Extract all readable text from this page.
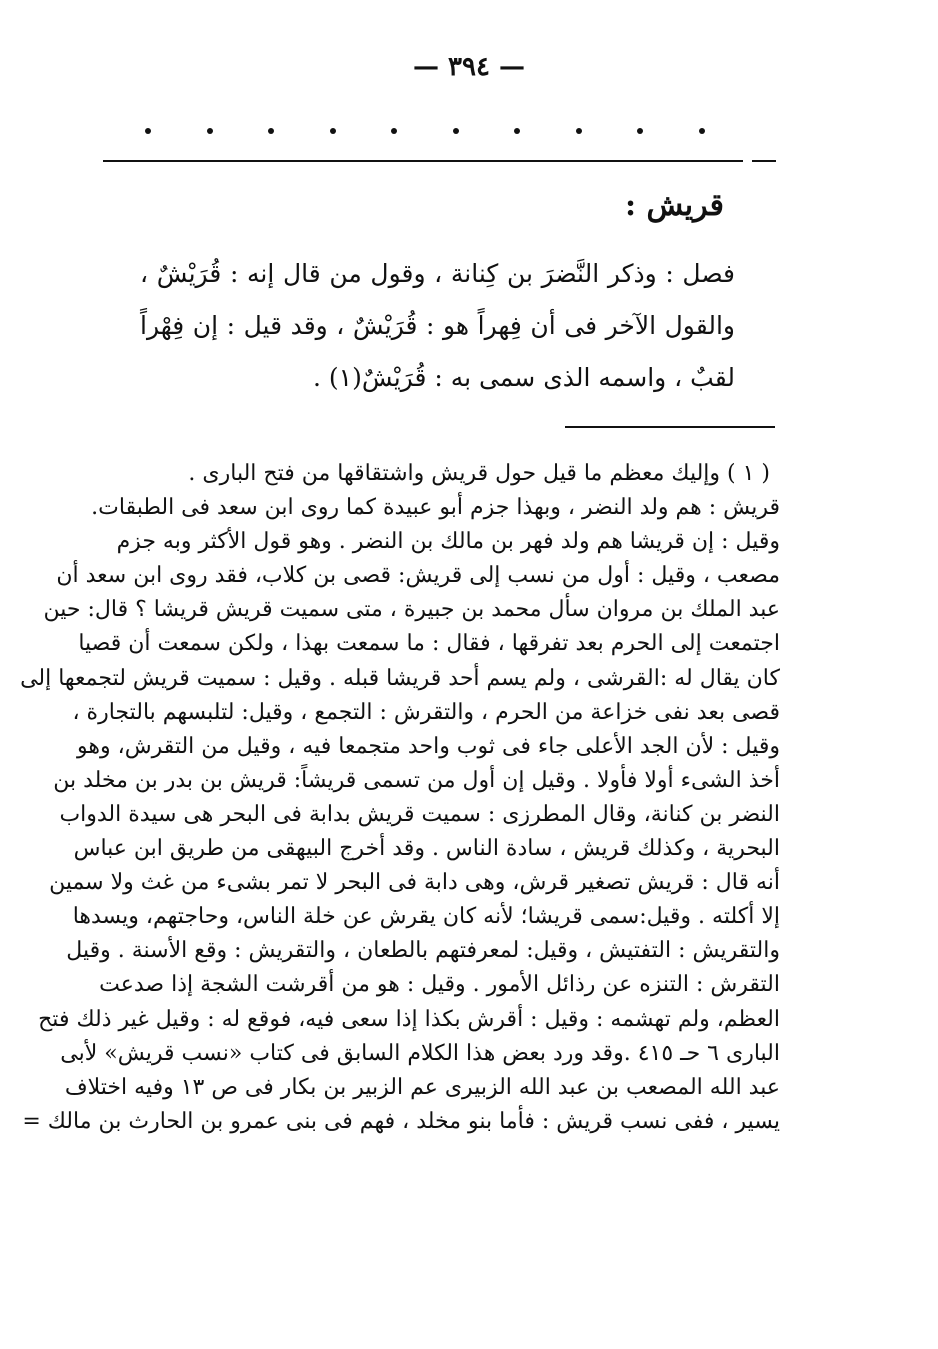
— ٣٩٤ —
قريش :

فصل : وذكر النَّضرَ بن كِنانة ، وقول من قال إنه : قُرَيْشٌ ، والقول الآخر فى أن فِهراً هو : قُرَيْشٌ ، وقد قيل : إن فِهْراً لقبٌ ، واسمه الذى سمى به : قُرَيْشٌ(١) .

( ١ ) وإليك معظم ما قيل حول قريش واشتقاقها من فتح البارى .
قريش : هم ولد النضر ، وبهذا جزم أبو عبيدة كما روى ابن سعد فى الطبقات.
وقيل : إن قريشا هم ولد فهر بن مالك بن النضر . وهو قول الأكثر وبه جزم
مصعب ، وقيل : أول من نسب إلى قريش: قصى بن كلاب، فقد روى ابن سعد أن
عبد الملك بن مروان سأل محمد بن جبيرة ، متى سميت قريش قريشا ؟ قال: حين
اجتمعت إلى الحرم بعد تفرقها ، فقال : ما سمعت بهذا ، ولكن سمعت أن قصيا
كان يقال له :القرشى ، ولم يسم أحد قريشا قبله . وقيل : سميت قريش لتجمعها إلى
قصى بعد نفى خزاعة من الحرم ، والتقرش : التجمع ، وقيل: لتلبسهم بالتجارة ،
وقيل : لأن الجد الأعلى جاء فى ثوب واحد متجمعا فيه ، وقيل من التقرش، وهو
أخذ الشىء أولا فأولا . وقيل إن أول من تسمى قريشاً: قريش بن بدر بن مخلد بن
النضر بن كنانة، وقال المطرزى : سميت قريش بدابة فى البحر هى سيدة الدواب
البحرية ، وكذلك قريش ، سادة الناس . وقد أخرج البيهقى من طريق ابن عباس
أنه قال : قريش تصغير قرش، وهى دابة فى البحر لا تمر بشىء من غث ولا سمين
إلا أكلته . وقيل:سمى قريشا؛ لأنه كان يقرش عن خلة الناس، وحاجتهم، ويسدها
والتقريش : التفتيش ، وقيل: لمعرفتهم بالطعان ، والتقريش : وقع الأسنة . وقيل
التقرش : التنزه عن رذائل الأمور . وقيل : هو من أقرشت الشجة إذا صدعت
العظم، ولم تهشمه : وقيل : أقرش بكذا إذا سعى فيه، فوقع له : وقيل غير ذلك فتح
البارى ٦ حـ ٤١٥ .وقد ورد بعض هذا الكلام السابق فى كتاب «نسب قريش» لأبى
عبد الله المصعب بن عبد الله الزبيرى عم الزبير بن بكار فى ص ١٣ وفيه اختلاف
يسير ، ففى نسب قريش : فأما بنو مخلد ، فهم فى بنى عمرو بن الحارث بن مالك =
